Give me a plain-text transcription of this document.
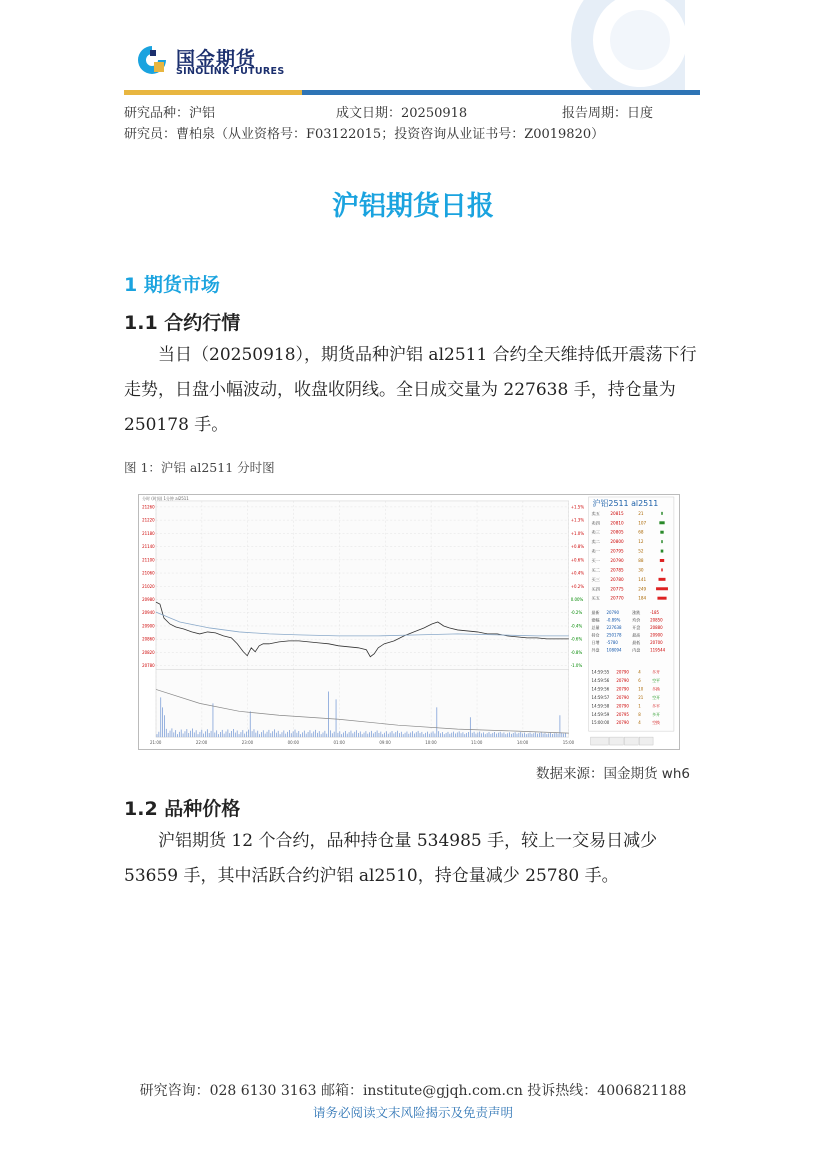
国金期货
SINOLINK FUTURES
研究品种：沪铝	成文日期：20250918	报告周期：日度
研究员：曹柏泉（从业资格号：F03122015；投资咨询从业证书号：Z0019820）
沪铝期货日报
1 期货市场
1.1 合约行情
当日（20250918），期货品种沪铝 al2511 合约全天维持低开震荡下行走势，日盘小幅波动，收盘收阴线。全日成交量为 227638 手，持仓量为 250178 手。
图 1：沪铝 al2511 分时图
21260
21220
21180
21140
21100
21060
21020
20980
20940
20900
20860
20820
20780
+1.5%
+1.3%
+1.0%
+0.8%
+0.6%
+0.4%
+0.2%
0.00%
-0.2%
-0.4%
-0.6%
-0.8%
-1.0%
21:00	22:00	23:00	00:00	01:00	09:00	10:00	11:00	14:00	15:00
分时 (时间) 1分钟 al2511
沪铝2511 al2511
卖五	20815	21
卖四	20810	107
卖三	20805	68
卖二	20800	12
卖一	20795	52
买一	20790	88
买二	20785	30
买三	20780	141
买四	20775	249
买五	20770	184
最新 20790	涨跌 -185
涨幅 -0.89%	均价 20850
总量 227638	开盘 20880
持仓 250178	最高 20900
日增 -5780	最低 20700
外盘 108094	内盘 119544
14:59:55 20790 4	多开
14:59:56 20790 6	空平
14:59:56 20790 10 多换
14:59:57 20790 21 空开
14:59:58 20790 1	多平
14:59:59 20795 8	多开
15:00:00 20790 4	空换
数据来源：国金期货 wh6
1.2 品种价格
沪铝期货 12 个合约，品种持仓量 534985 手，较上一交易日减少 53659 手，其中活跃合约沪铝 al2510，持仓量减少 25780 手。
研究咨询：028 6130 3163 邮箱：institute@gjqh.com.cn 投诉热线：4006821188
请务必阅读文末风险揭示及免责声明
